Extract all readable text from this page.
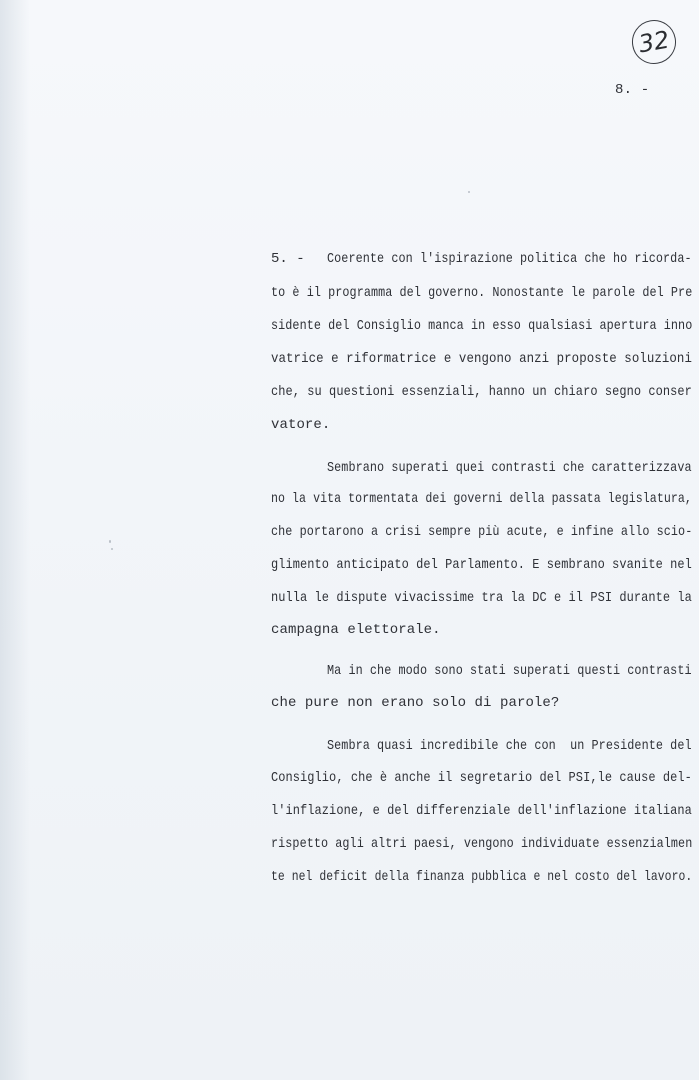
32
8. -
5. - Coerente con l'ispirazione politica che ho ricorda-
to è il programma del governo. Nonostante le parole del Pre
sidente del Consiglio manca in esso qualsiasi apertura inno
vatrice e riformatrice e vengono anzi proposte soluzioni
che, su questioni essenziali, hanno un chiaro segno conser
vatore.
Sembrano superati quei contrasti che caratterizzava
no la vita tormentata dei governi della passata legislatura,
che portarono a crisi sempre più acute, e infine allo scio-
glimento anticipato del Parlamento. E sembrano svanite nel
nulla le dispute vivacissime tra la DC e il PSI durante la
campagna elettorale.
Ma in che modo sono stati superati questi contrasti
che pure non erano solo di parole?
Sembra quasi incredibile che con  un Presidente del
Consiglio, che è anche il segretario del PSI,le cause del-
l'inflazione, e del differenziale dell'inflazione italiana
rispetto agli altri paesi, vengono individuate essenzialmen
te nel deficit della finanza pubblica e nel costo del lavoro.
